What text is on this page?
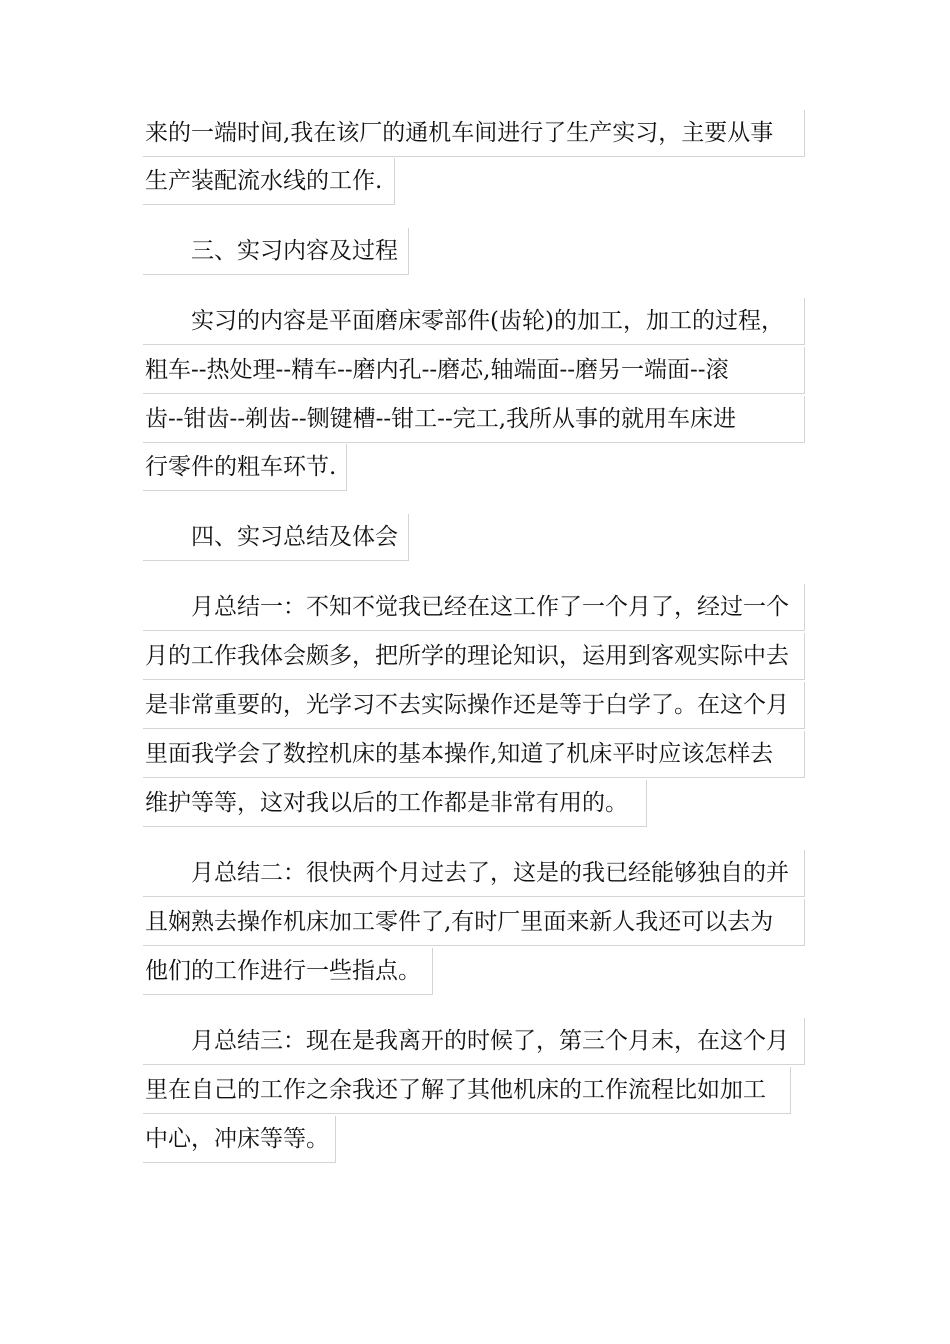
来的一端时间,我在该厂的通机车间进行了生产实习，主要从事
生产装配流水线的工作.
三、实习内容及过程
实习的内容是平面磨床零部件(齿轮)的加工，加工的过程，
粗车--热处理--精车--磨内孔--磨芯,轴端面--磨另一端面--滚
齿--钳齿--剃齿--铡键槽--钳工--完工,我所从事的就用车床进
行零件的粗车环节.
四、实习总结及体会
月总结一：不知不觉我已经在这工作了一个月了，经过一个
月的工作我体会颇多，把所学的理论知识，运用到客观实际中去
是非常重要的，光学习不去实际操作还是等于白学了。在这个月
里面我学会了数控机床的基本操作,知道了机床平时应该怎样去
维护等等，这对我以后的工作都是非常有用的。
月总结二：很快两个月过去了，这是的我已经能够独自的并
且娴熟去操作机床加工零件了,有时厂里面来新人我还可以去为
他们的工作进行一些指点。
月总结三：现在是我离开的时候了，第三个月末，在这个月
里在自己的工作之余我还了解了其他机床的工作流程比如加工
中心，冲床等等。
